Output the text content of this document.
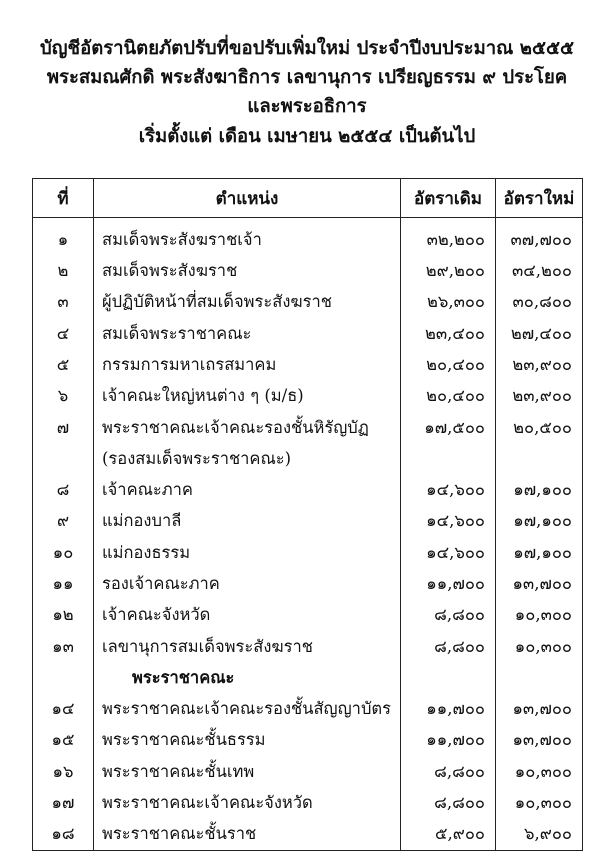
บัญชีอัตรานิตยภัตปรับที่ขอปรับเพิ่มใหม่ ประจำปีงบประมาณ ๒๕๕๕
พระสมณศักดิ พระสังฆาธิการ เลขานุการ เปรียญธรรม ๙ ประโยค
และพระอธิการ
เริ่มตั้งแต่ เดือน เมษายน ๒๕๕๔ เป็นต้นไป
ที่	ตำแหน่ง	อัตราเดิม	อัตราใหม่
๑	สมเด็จพระสังฆราชเจ้า	๓๒,๒๐๐	๓๗,๗๐๐
๒	สมเด็จพระสังฆราช	๒๙,๒๐๐	๓๔,๒๐๐
๓	ผู้ปฏิบัติหน้าที่สมเด็จพระสังฆราช	๒๖,๓๐๐	๓๐,๘๐๐
๔	สมเด็จพระราชาคณะ	๒๓,๔๐๐	๒๗,๔๐๐
๕	กรรมการมหาเถรสมาคม	๒๐,๔๐๐	๒๓,๙๐๐
๖	เจ้าคณะใหญ่หนต่าง ๆ (ม/ธ)	๒๐,๔๐๐	๒๓,๙๐๐
๗	พระราชาคณะเจ้าคณะรองชั้นหิรัญบัฏ	๑๗,๕๐๐	๒๐,๕๐๐
	(รองสมเด็จพระราชาคณะ)		
๘	เจ้าคณะภาค	๑๔,๖๐๐	๑๗,๑๐๐
๙	แม่กองบาลี	๑๔,๖๐๐	๑๗,๑๐๐
๑๐	แม่กองธรรม	๑๔,๖๐๐	๑๗,๑๐๐
๑๑	รองเจ้าคณะภาค	๑๑,๗๐๐	๑๓,๗๐๐
๑๒	เจ้าคณะจังหวัด	๘,๘๐๐	๑๐,๓๐๐
๑๓	เลขานุการสมเด็จพระสังฆราช	๘,๘๐๐	๑๐,๓๐๐
	พระราชาคณะ		
๑๔	พระราชาคณะเจ้าคณะรองชั้นสัญญาบัตร	๑๑,๗๐๐	๑๓,๗๐๐
๑๕	พระราชาคณะชั้นธรรม	๑๑,๗๐๐	๑๓,๗๐๐
๑๖	พระราชาคณะชั้นเทพ	๘,๘๐๐	๑๐,๓๐๐
๑๗	พระราชาคณะเจ้าคณะจังหวัด	๘,๘๐๐	๑๐,๓๐๐
๑๘	พระราชาคณะชั้นราช	๕,๙๐๐	๖,๙๐๐
